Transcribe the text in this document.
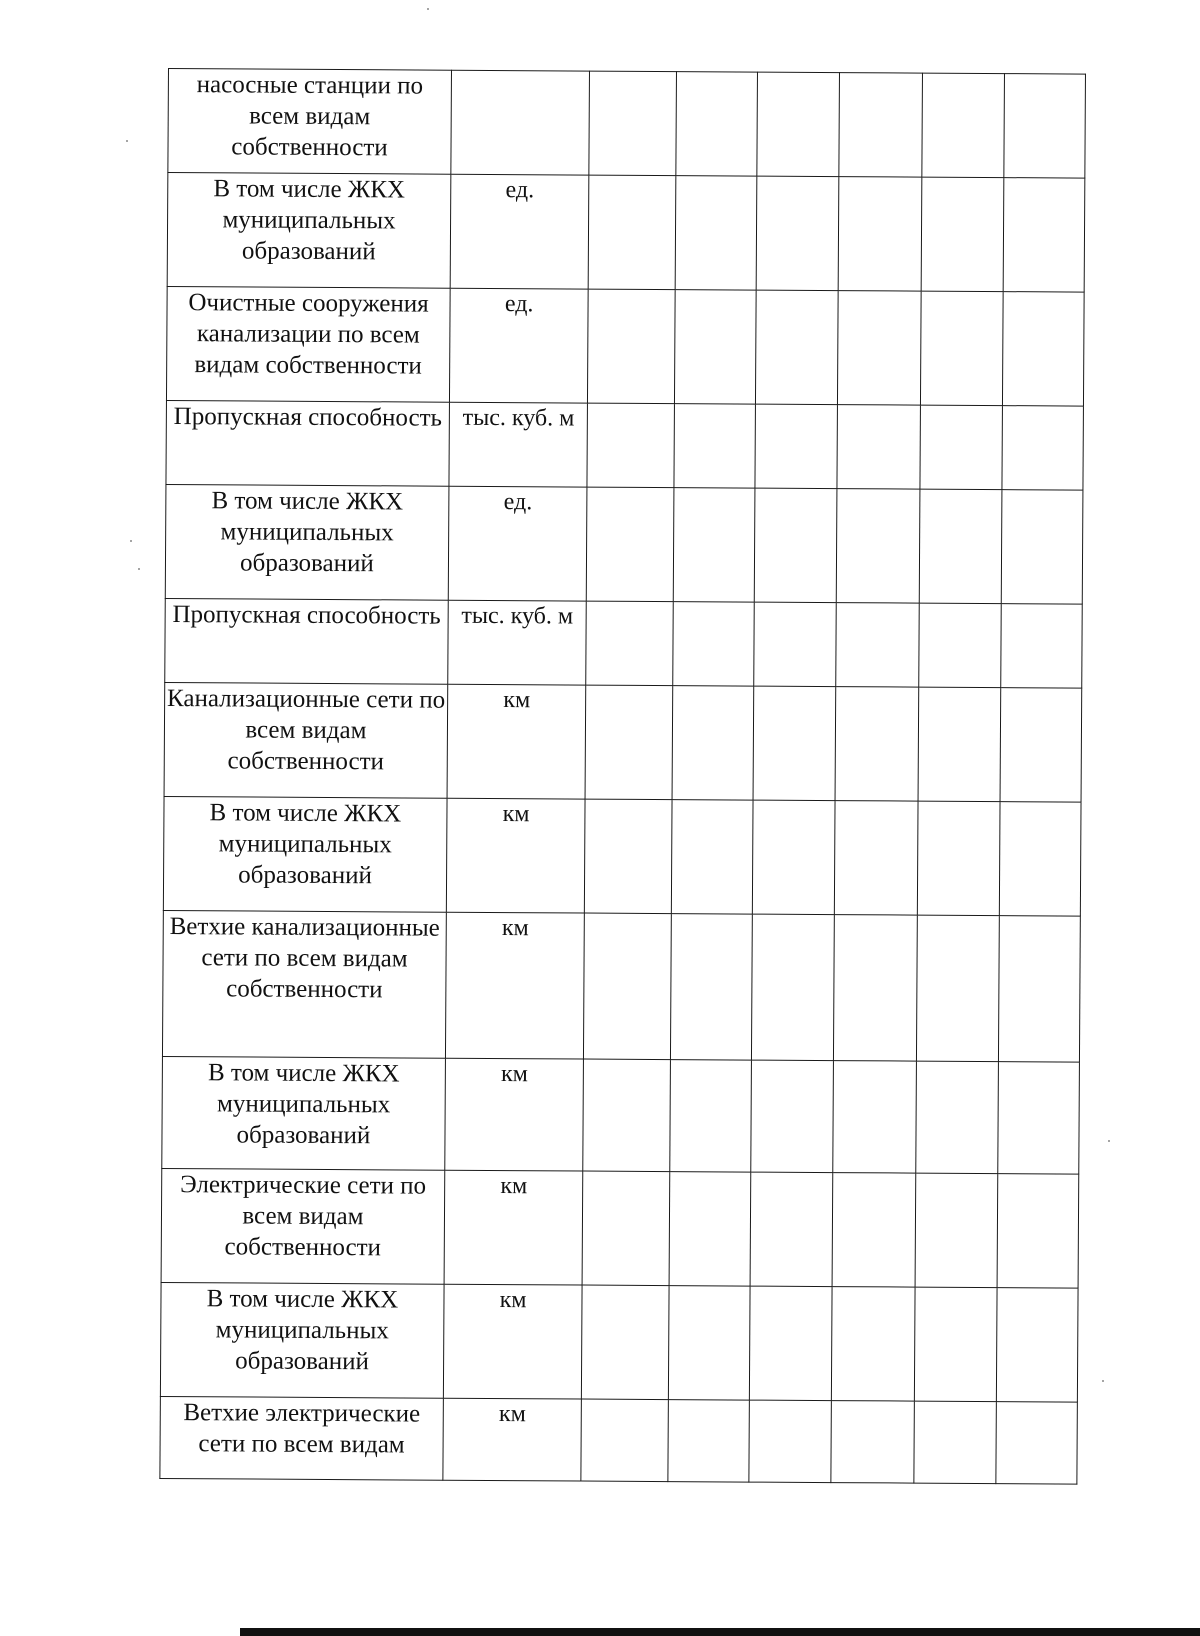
насосные станции по всем видам собственности							
В том числе ЖКХ муниципальных образований	ед.						
Очистные сооружения канализации по всем видам собственности	ед.						
Пропускная способность	тыс. куб. м						
В том числе ЖКХ муниципальных образований	ед.						
Пропускная способность	тыс. куб. м						
Канализационные сети по всем видам собственности	км						
В том числе ЖКХ муниципальных образований	км						
Ветхие канализационные сети по всем видам собственности	км						
В том числе ЖКХ муниципальных образований	км						
Электрические сети по всем видам собственности	км						
В том числе ЖКХ муниципальных образований	км						
Ветхие электрические сети по всем видам	км						
